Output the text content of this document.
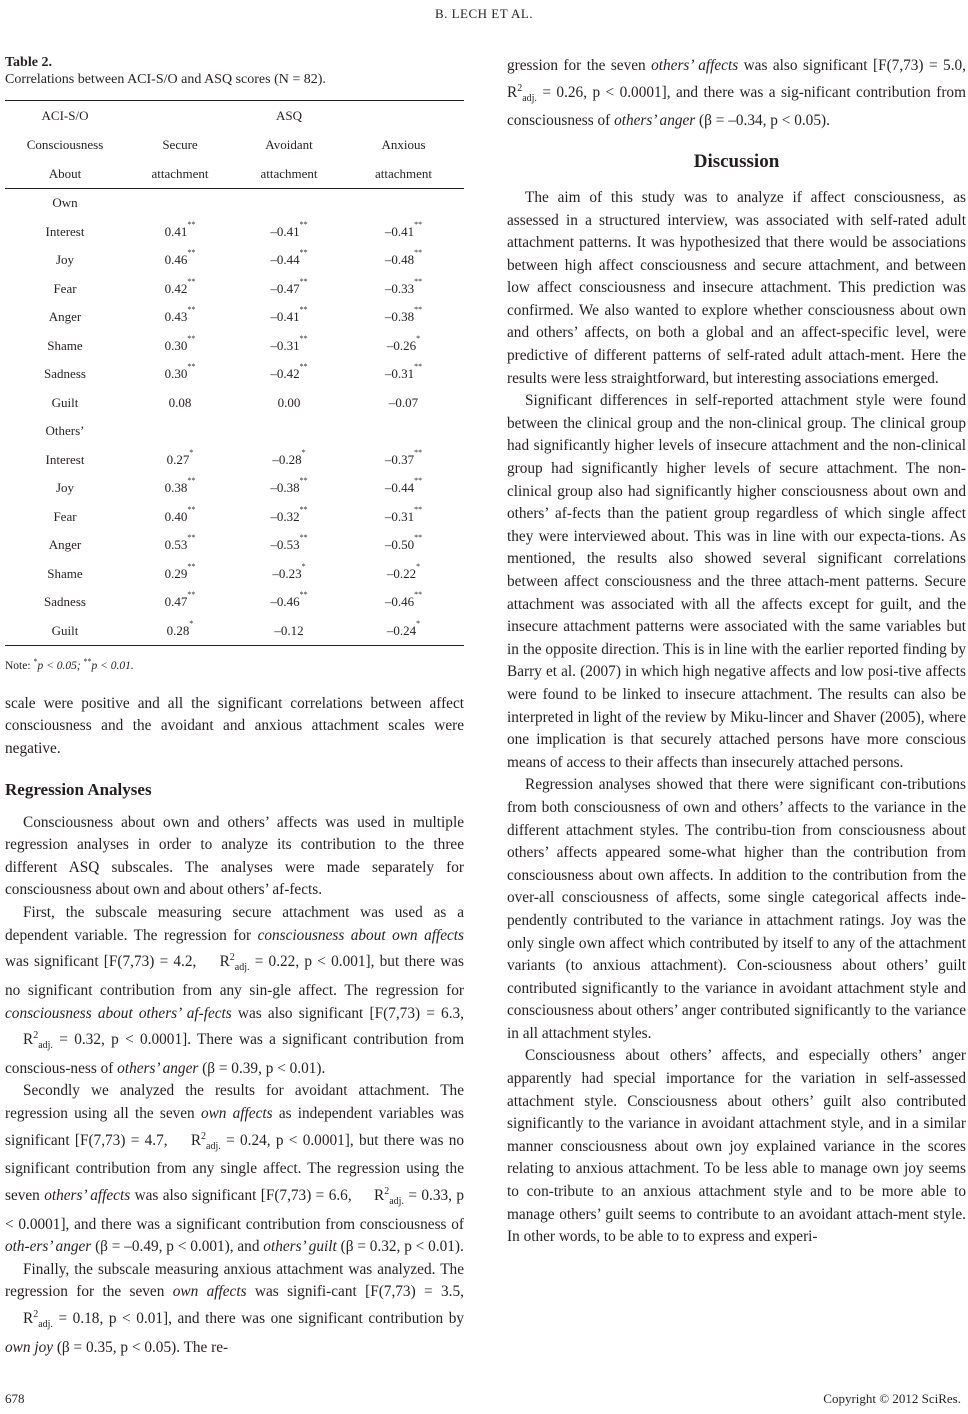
B. LECH ET AL.
Table 2.
Correlations between ACI-S/O and ASQ scores (N = 82).
ACI-S/O		ASQ	
Consciousness	Secure	Avoidant	Anxious
About	attachment	attachment	attachment
Own			
Interest	0.41**	–0.41**	–0.41**
Joy	0.46**	–0.44**	–0.48**
Fear	0.42**	–0.47**	–0.33**
Anger	0.43**	–0.41**	–0.38**
Shame	0.30**	–0.31**	–0.26*
Sadness	0.30**	–0.42**	–0.31**
Guilt	0.08	0.00	–0.07
Others’			
Interest	0.27*	–0.28*	–0.37**
Joy	0.38**	–0.38**	–0.44**
Fear	0.40**	–0.32**	–0.31**
Anger	0.53**	–0.53**	–0.50**
Shame	0.29**	–0.23*	–0.22*
Sadness	0.47**	–0.46**	–0.46**
Guilt	0.28*	–0.12	–0.24*
Note: *p < 0.05; **p < 0.01.

scale were positive and all the significant correlations between affect consciousness and the avoidant and anxious attachment scales were negative.

Regression Analyses

Consciousness about own and others’ affects was used in multiple regression analyses in order to analyze its contribution to the three different ASQ subscales. The analyses were made separately for consciousness about own and about others’ af-fects.

First, the subscale measuring secure attachment was used as a dependent variable. The regression for consciousness about own affects was significant [F(7,73) = 4.2, $R^2_{adj.} = 0.22$, p < 0.001], but there was no significant contribution from any sin-gle affect. The regression for consciousness about others’ af-fects was also significant [F(7,73) = 6.3, $R^2_{adj.} = 0.32$, p < 0.0001]. There was a significant contribution from conscious-ness of others’ anger (β = 0.39, p < 0.01).

Secondly we analyzed the results for avoidant attachment. The regression using all the seven own affects as independent variables was significant [F(7,73) = 4.7, $R^2_{adj.} = 0.24$, p < 0.0001], but there was no significant contribution from any single affect. The regression using the seven others’ affects was also significant [F(7,73) = 6.6, $R^2_{adj.} = 0.33$, p < 0.0001], and there was a significant contribution from consciousness of oth-ers’ anger (β = –0.49, p < 0.001), and others’ guilt (β = 0.32, p < 0.01).

Finally, the subscale measuring anxious attachment was analyzed. The regression for the seven own affects was signifi-cant [F(7,73) = 3.5, $R^2_{adj.} = 0.18$, p < 0.01], and there was one significant contribution by own joy (β = 0.35, p < 0.05). The re-

gression for the seven others’ affects was also significant [F(7,73) = 5.0, $R^2_{adj.} = 0.26$, p < 0.0001], and there was a sig-nificant contribution from consciousness of others’ anger (β = –0.34, p < 0.05).

Discussion

The aim of this study was to analyze if affect consciousness, as assessed in a structured interview, was associated with self-rated adult attachment patterns. It was hypothesized that there would be associations between high affect consciousness and secure attachment, and between low affect consciousness and insecure attachment. This prediction was confirmed. We also wanted to explore whether consciousness about own and others’ affects, on both a global and an affect-specific level, were predictive of different patterns of self-rated adult attach-ment. Here the results were less straightforward, but interesting associations emerged.

Significant differences in self-reported attachment style were found between the clinical group and the non-clinical group. The clinical group had significantly higher levels of insecure attachment and the non-clinical group had significantly higher levels of secure attachment. The non-clinical group also had significantly higher consciousness about own and others’ af-fects than the patient group regardless of which single affect they were interviewed about. This was in line with our expecta-tions. As mentioned, the results also showed several significant correlations between affect consciousness and the three attach-ment patterns. Secure attachment was associated with all the affects except for guilt, and the insecure attachment patterns were associated with the same variables but in the opposite direction. This is in line with the earlier reported finding by Barry et al. (2007) in which high negative affects and low posi-tive affects were found to be linked to insecure attachment. The results can also be interpreted in light of the review by Miku-lincer and Shaver (2005), where one implication is that securely attached persons have more conscious means of access to their affects than insecurely attached persons.

Regression analyses showed that there were significant con-tributions from both consciousness of own and others’ affects to the variance in the different attachment styles. The contribu-tion from consciousness about others’ affects appeared some-what higher than the contribution from consciousness about own affects. In addition to the contribution from the over-all consciousness of affects, some single categorical affects inde-pendently contributed to the variance in attachment ratings. Joy was the only single own affect which contributed by itself to any of the attachment variants (to anxious attachment). Con-sciousness about others’ guilt contributed significantly to the variance in avoidant attachment style and consciousness about others’ anger contributed significantly to the variance in all attachment styles.

Consciousness about others’ affects, and especially others’ anger apparently had special importance for the variation in self-assessed attachment style. Consciousness about others’ guilt also contributed significantly to the variance in avoidant attachment style, and in a similar manner consciousness about own joy explained variance in the scores relating to anxious attachment. To be less able to manage own joy seems to con-tribute to an anxious attachment style and to be more able to manage others’ guilt seems to contribute to an avoidant attach-ment style. In other words, to be able to to express and experi-

678	Copyright © 2012 SciRes.
